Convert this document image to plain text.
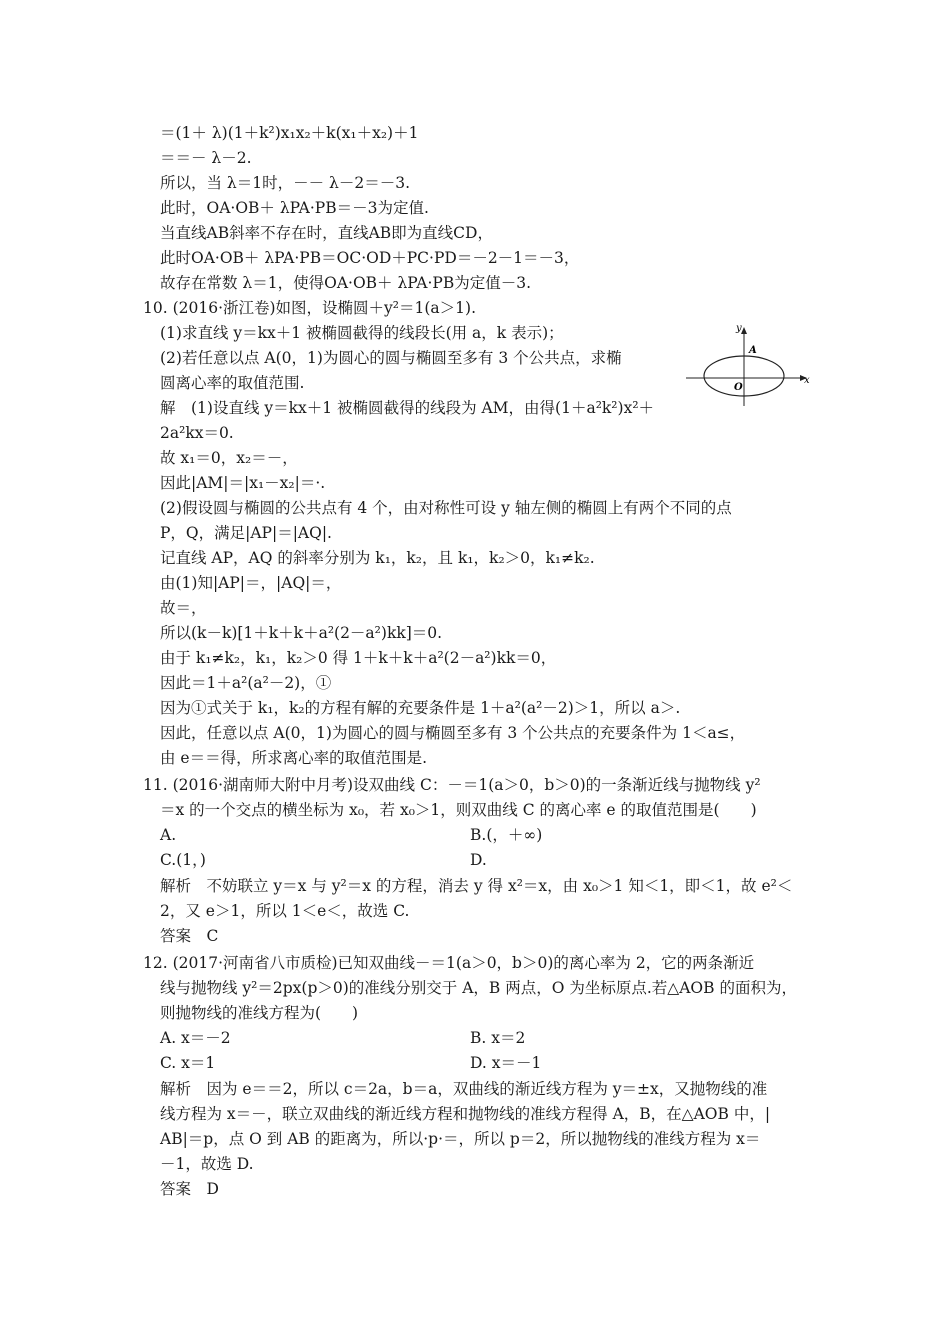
＝(1＋ λ)(1＋k²)x₁x₂＋k(x₁＋x₂)＋1
＝＝－ λ－2.
所以，当 λ＝1时，－－ λ－2＝－3.
此时，OA·OB＋ λPA·PB＝－3为定值.
当直线AB斜率不存在时，直线AB即为直线CD，
此时OA·OB＋ λPA·PB＝OC·OD＋PC·PD＝－2－1＝－3，
故存在常数 λ＝1，使得OA·OB＋ λPA·PB为定值－3.
10. (2016·浙江卷)如图，设椭圆＋y²＝1(a＞1).
(1)求直线 y＝kx＋1 被椭圆截得的线段长(用 a，k 表示)；
(2)若任意以点 A(0，1)为圆心的圆与椭圆至多有 3 个公共点，求椭
圆离心率的取值范围.
y
x
A
O
解　(1)设直线 y＝kx＋1 被椭圆截得的线段为 AM，由得(1＋a²k²)x²＋
2a²kx＝0.
故 x₁＝0，x₂＝－，
因此|AM|＝|x₁－x₂|＝·.
(2)假设圆与椭圆的公共点有 4 个，由对称性可设 y 轴左侧的椭圆上有两个不同的点
P，Q，满足|AP|＝|AQ|.
记直线 AP，AQ 的斜率分别为 k₁，k₂，且 k₁，k₂＞0，k₁≠k₂.
由(1)知|AP|＝，|AQ|＝，
故＝，
所以(k－k)[1＋k＋k＋a²(2－a²)kk]＝0.
由于 k₁≠k₂，k₁，k₂＞0 得 1＋k＋k＋a²(2－a²)kk＝0，
因此＝1＋a²(a²－2)，①
因为①式关于 k₁，k₂的方程有解的充要条件是 1＋a²(a²－2)＞1，所以 a＞.
因此，任意以点 A(0，1)为圆心的圆与椭圆至多有 3 个公共点的充要条件为 1＜a≤，
由 e＝＝得，所求离心率的取值范围是.
11. (2016·湖南师大附中月考)设双曲线 C：－＝1(a＞0，b＞0)的一条渐近线与抛物线 y²
＝x 的一个交点的横坐标为 x₀，若 x₀＞1，则双曲线 C 的离心率 e 的取值范围是(　　)
A.	B.(，＋∞)
C.(1，)	D.
解析　不妨联立 y＝x 与 y²＝x 的方程，消去 y 得 x²＝x，由 x₀＞1 知＜1，即＜1，故 e²＜
2，又 e＞1，所以 1＜e＜，故选 C.
答案　C
12. (2017·河南省八市质检)已知双曲线－＝1(a＞0，b＞0)的离心率为 2，它的两条渐近
线与抛物线 y²＝2px(p＞0)的准线分别交于 A，B 两点，O 为坐标原点.若△AOB 的面积为，
则抛物线的准线方程为(　　)
A. x＝－2	B. x＝2
C. x＝1	D. x＝－1
解析　因为 e＝＝2，所以 c＝2a，b＝a，双曲线的渐近线方程为 y＝±x，又抛物线的准
线方程为 x＝－，联立双曲线的渐近线方程和抛物线的准线方程得 A，B，在△AOB 中，|
AB|＝p，点 O 到 AB 的距离为，所以·p·＝，所以 p＝2，所以抛物线的准线方程为 x＝
－1，故选 D.
答案　D
